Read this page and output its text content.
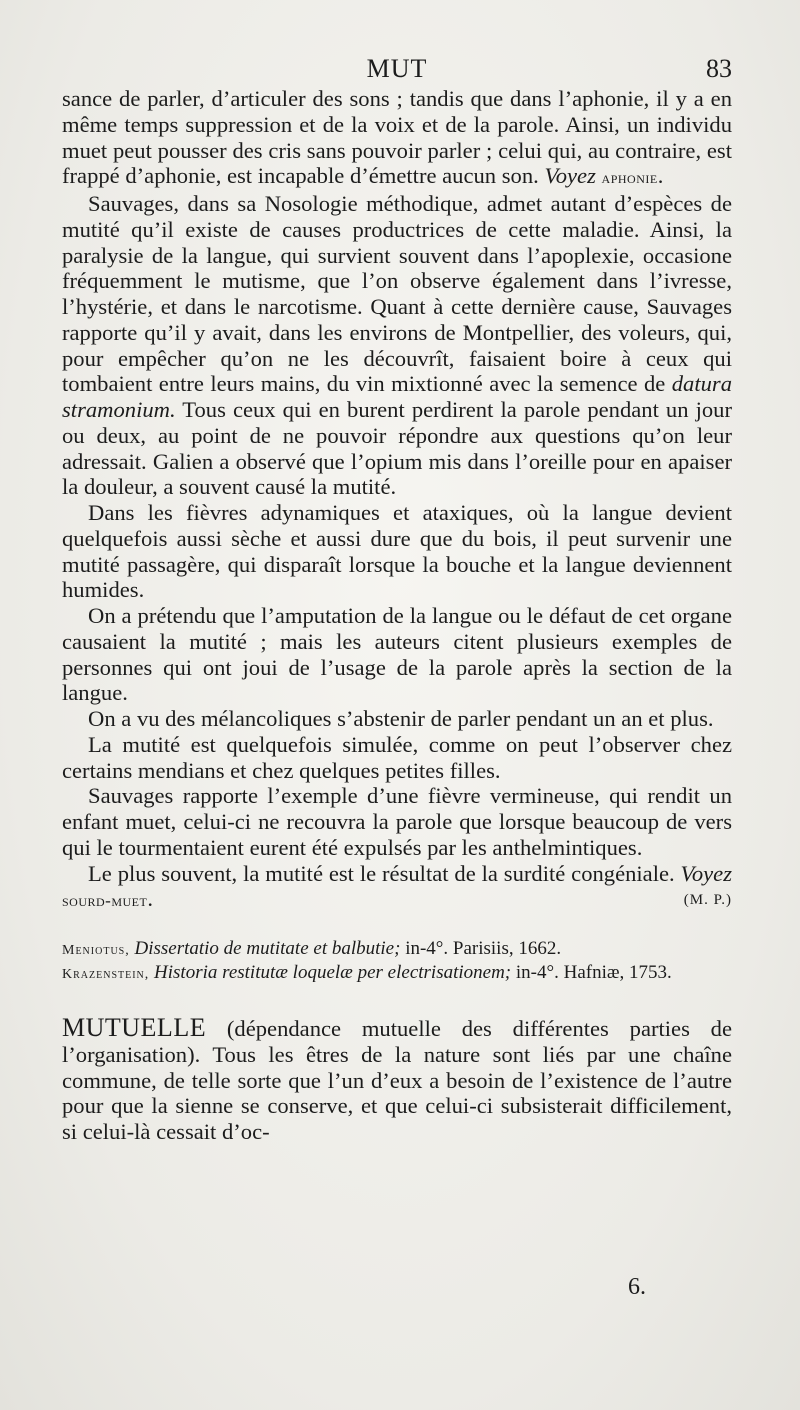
MUT	83

sance de parler, d’articuler des sons ; tandis que dans l’aphonie, il y a en même temps suppression et de la voix et de la parole. Ainsi, un individu muet peut pousser des cris sans pouvoir parler ; celui qui, au contraire, est frappé d’aphonie, est incapable d’émettre aucun son. Voyez aphonie.

Sauvages, dans sa Nosologie méthodique, admet autant d’espèces de mutité qu’il existe de causes productrices de cette maladie. Ainsi, la paralysie de la langue, qui survient souvent dans l’apoplexie, occasione fréquemment le mutisme, que l’on observe également dans l’ivresse, l’hystérie, et dans le narcotisme. Quant à cette dernière cause, Sauvages rapporte qu’il y avait, dans les environs de Montpellier, des voleurs, qui, pour empêcher qu’on ne les découvrît, faisaient boire à ceux qui tombaient entre leurs mains, du vin mixtionné avec la semence de datura stramonium. Tous ceux qui en burent perdirent la parole pendant un jour ou deux, au point de ne pouvoir répondre aux questions qu’on leur adressait. Galien a observé que l’opium mis dans l’oreille pour en apaiser la douleur, a souvent causé la mutité.

Dans les fièvres adynamiques et ataxiques, où la langue devient quelquefois aussi sèche et aussi dure que du bois, il peut survenir une mutité passagère, qui disparaît lorsque la bouche et la langue deviennent humides.

On a prétendu que l’amputation de la langue ou le défaut de cet organe causaient la mutité ; mais les auteurs citent plusieurs exemples de personnes qui ont joui de l’usage de la parole après la section de la langue.

On a vu des mélancoliques s’abstenir de parler pendant un an et plus.

La mutité est quelquefois simulée, comme on peut l’observer chez certains mendians et chez quelques petites filles.

Sauvages rapporte l’exemple d’une fièvre vermineuse, qui rendit un enfant muet, celui-ci ne recouvra la parole que lorsque beaucoup de vers qui le tourmentaient eurent été expulsés par les anthelmintiques.

Le plus souvent, la mutité est le résultat de la surdité congéniale. Voyez sourd-muet.	(M. P.)

Meniotus, Dissertatio de mutitate et balbutie; in-4°. Parisiis, 1662.

Krazenstein, Historia restitutæ loquelæ per electrisationem; in-4°. Hafniæ, 1753.

MUTUELLE (dépendance mutuelle des différentes parties de l’organisation). Tous les êtres de la nature sont liés par une chaîne commune, de telle sorte que l’un d’eux a besoin de l’existence de l’autre pour que la sienne se conserve, et que celui-ci subsisterait difficilement, si celui-là cessait d’oc-

6.
